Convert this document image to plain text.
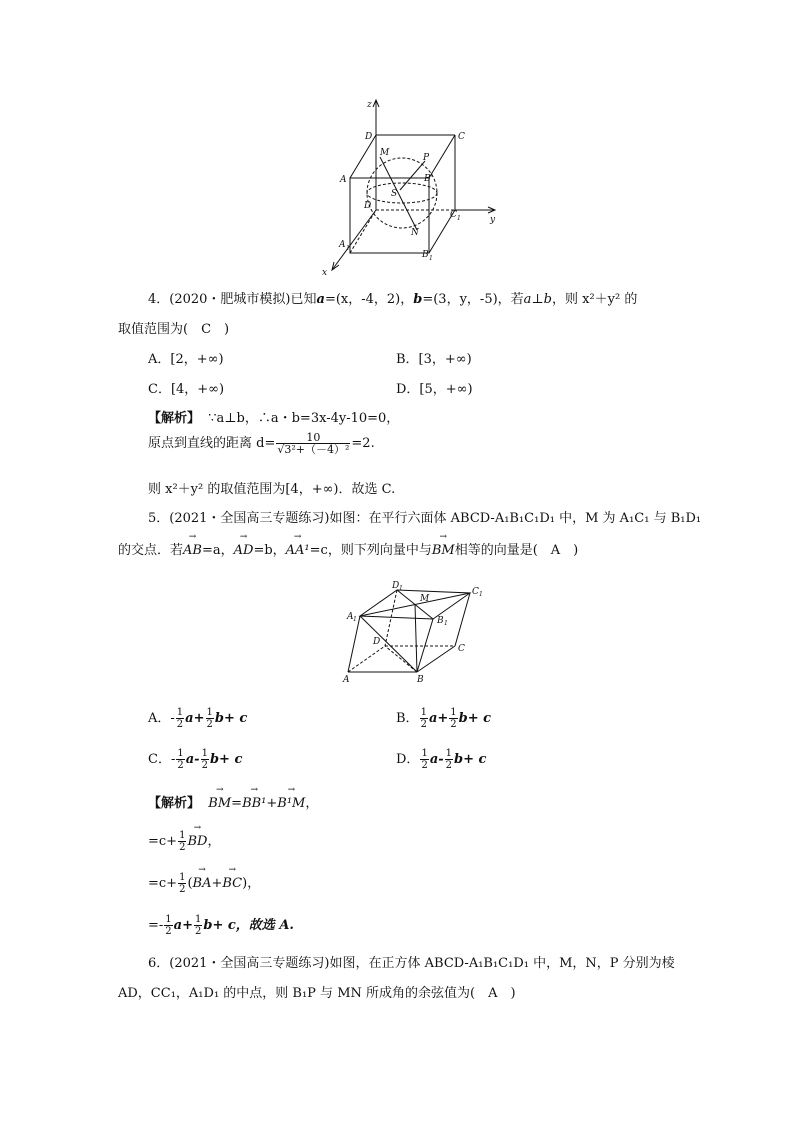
z
y
x
D	C
A
M	P
B'
S
D
N
C 1
A 1
B 1
4．(2020・肥城市模拟)已知a=(x，-4，2)，b=(3，y，-5)，若a⊥b，则 x²＋y² 的
取值范围为(　C　)
A．[2，+∞)	B．[3，+∞)
C．[4，+∞)	D．[5，+∞)
【解析】 ∵a⊥b，∴a・b=3x-4y-10=0，
原点到直线的距离 $d= \frac{10}{\text{√3²+（－4）²}} =2$.
则 x²＋y² 的取值范围为[4，+∞)．故选 C.
5．(2021・全国高三专题练习)如图：在平行六面体 ABCD-A₁B₁C₁D₁ 中，M 为 A₁C₁ 与 B₁D₁
的交点．若→ AB=a，→ AD=b，→ AA¹=c，则下列向量中与→ BM相等的向量是(　A　)
D 1
M
C 1
A 1	B 1
D
C
A	B
A．- $\frac{1}{2} a+ \frac{1}{2} b+ c$	B． $\frac{1}{2} a+ \frac{1}{2} b+ c$
C．- $\frac{1}{2} a- \frac{1}{2} b+ c$	D． $\frac{1}{2} a- \frac{1}{2} b+ c$
【解析】 → BM=→ BB¹+→ B¹M，
$=c+ \frac{1}{2}$ → BD，
$=c+ \frac{1}{2}$ (→ BA+→ BC)，
=- $\frac{1}{2} a+ \frac{1}{2} b+ c$，故选 A.
6．(2021・全国高三专题练习)如图，在正方体 ABCD-A₁B₁C₁D₁ 中，M，N，P 分别为棱
AD，CC₁，A₁D₁ 的中点，则 B₁P 与 MN 所成角的余弦值为(　A　)
